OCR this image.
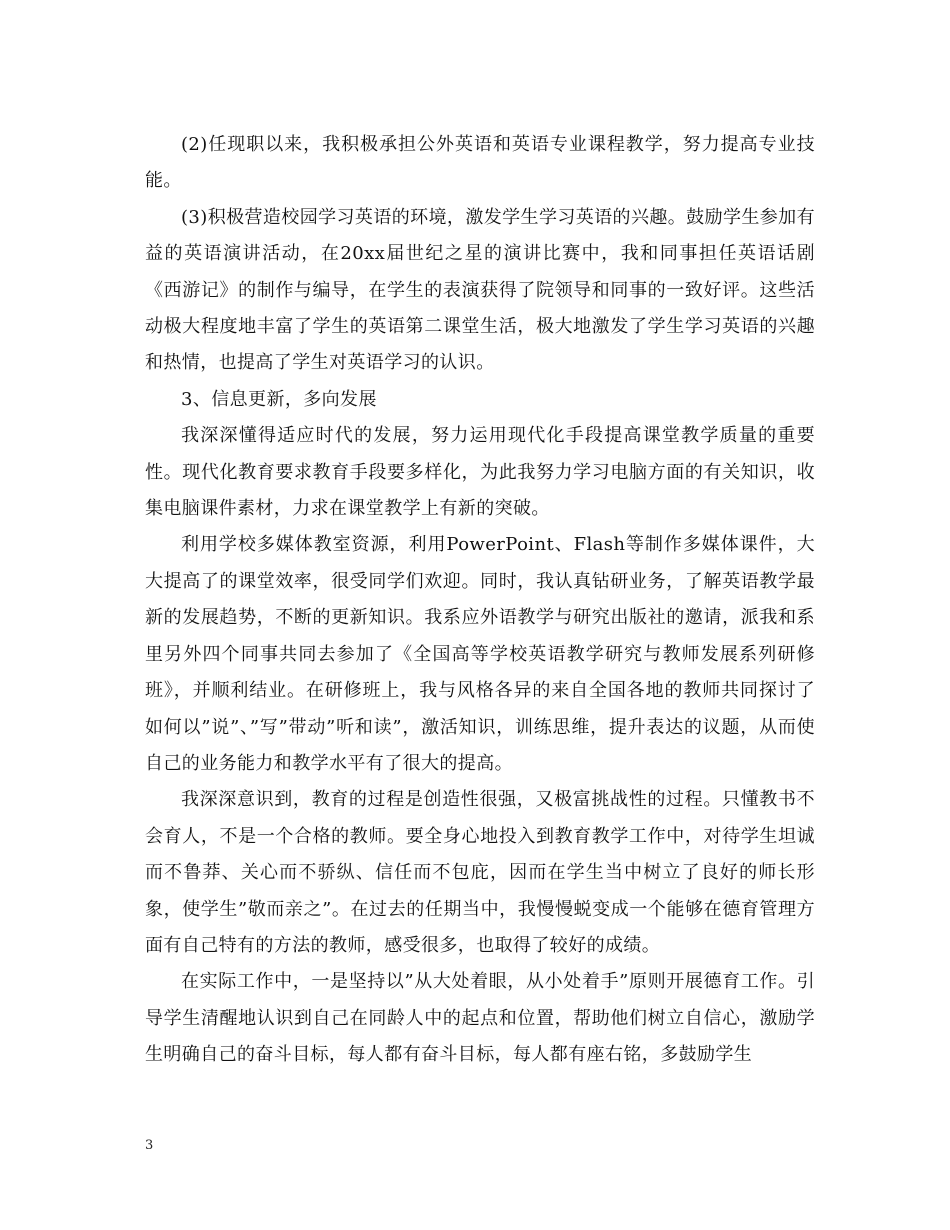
(2)任现职以来，我积极承担公外英语和英语专业课程教学，努力提高专业技能。

(3)积极营造校园学习英语的环境，激发学生学习英语的兴趣。鼓励学生参加有益的英语演讲活动，在20xx届世纪之星的演讲比赛中，我和同事担任英语话剧《西游记》的制作与编导，在学生的表演获得了院领导和同事的一致好评。这些活动极大程度地丰富了学生的英语第二课堂生活，极大地激发了学生学习英语的兴趣和热情，也提高了学生对英语学习的认识。

3、信息更新，多向发展

我深深懂得适应时代的发展，努力运用现代化手段提高课堂教学质量的重要性。现代化教育要求教育手段要多样化，为此我努力学习电脑方面的有关知识，收集电脑课件素材，力求在课堂教学上有新的突破。

利用学校多媒体教室资源，利用PowerPoint、Flash等制作多媒体课件，大大提高了的课堂效率，很受同学们欢迎。同时，我认真钻研业务，了解英语教学最新的发展趋势，不断的更新知识。我系应外语教学与研究出版社的邀请，派我和系里另外四个同事共同去参加了《全国高等学校英语教学研究与教师发展系列研修班》，并顺利结业。在研修班上，我与风格各异的来自全国各地的教师共同探讨了如何以”说”、”写”带动”听和读”，激活知识，训练思维，提升表达的议题，从而使自己的业务能力和教学水平有了很大的提高。

我深深意识到，教育的过程是创造性很强，又极富挑战性的过程。只懂教书不会育人，不是一个合格的教师。要全身心地投入到教育教学工作中，对待学生坦诚而不鲁莽、关心而不骄纵、信任而不包庇，因而在学生当中树立了良好的师长形象，使学生”敬而亲之”。在过去的任期当中，我慢慢蜕变成一个能够在德育管理方面有自己特有的方法的教师，感受很多，也取得了较好的成绩。

在实际工作中，一是坚持以”从大处着眼，从小处着手”原则开展德育工作。引导学生清醒地认识到自己在同龄人中的起点和位置，帮助他们树立自信心，激励学生明确自己的奋斗目标，每人都有奋斗目标，每人都有座右铭，多鼓励学生

3
